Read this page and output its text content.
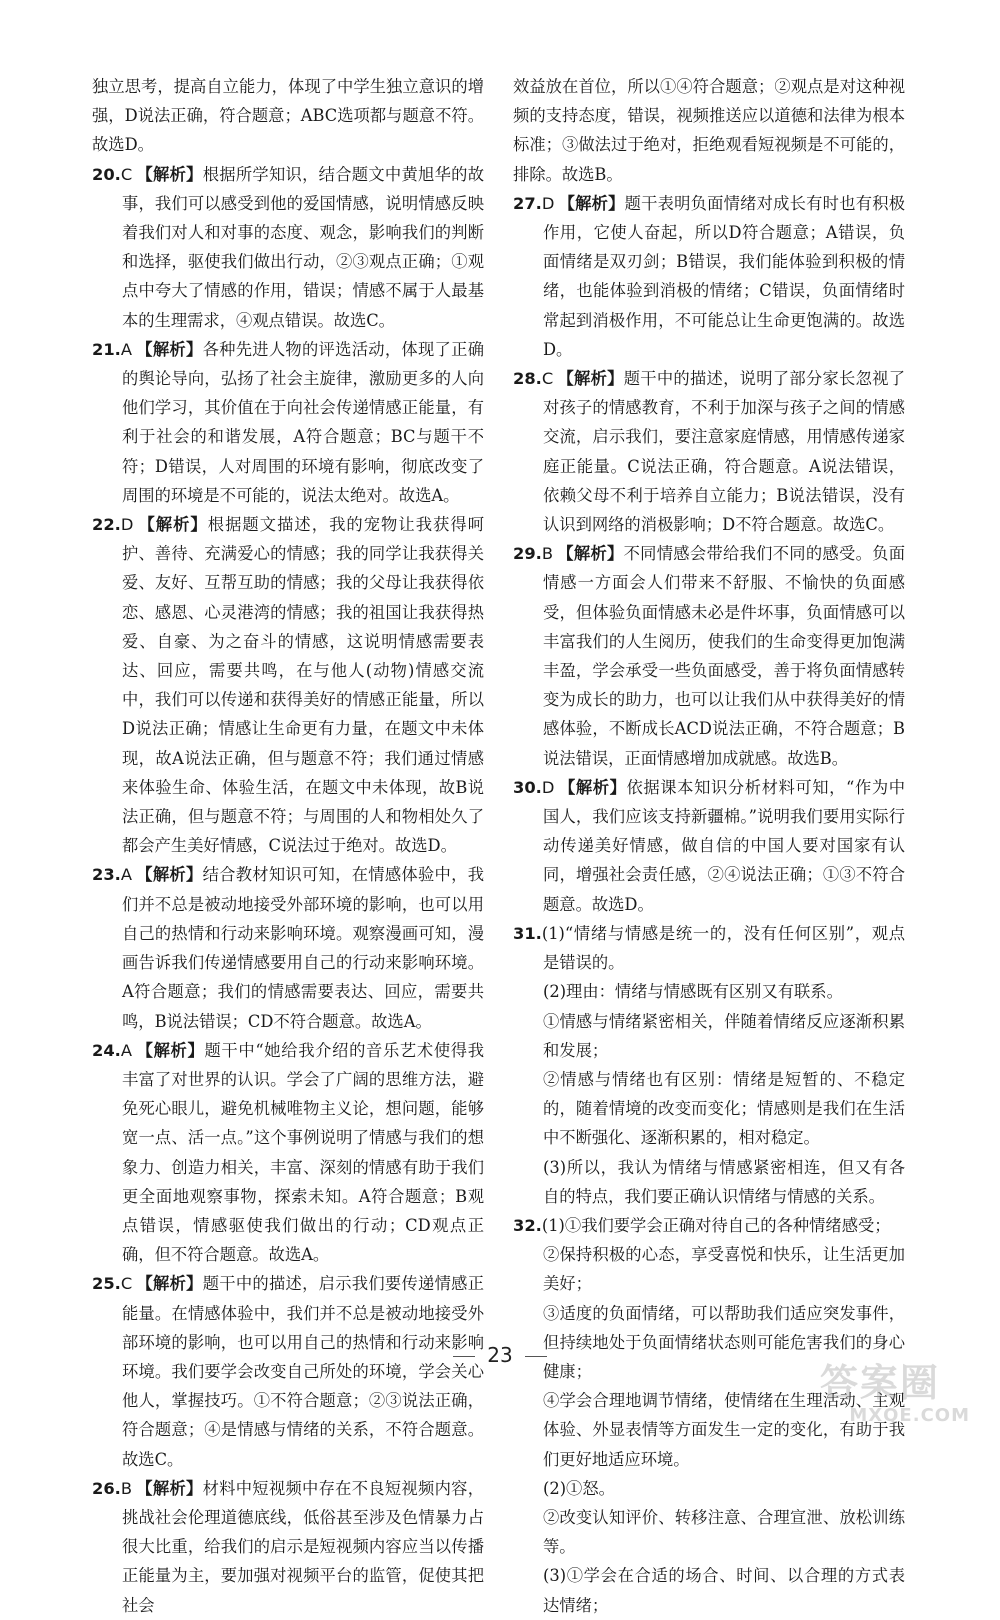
独立思考，提高自立能力，体现了中学生独立意识的增强，D说法正确，符合题意；ABC选项都与题意不符。故选D。

20.C 【解析】根据所学知识，结合题文中黄旭华的故事，我们可以感受到他的爱国情感，说明情感反映着我们对人和对事的态度、观念，影响我们的判断和选择，驱使我们做出行动，②③观点正确；①观点中夸大了情感的作用，错误；情感不属于人最基本的生理需求，④观点错误。故选C。

21.A 【解析】各种先进人物的评选活动，体现了正确的舆论导向，弘扬了社会主旋律，激励更多的人向他们学习，其价值在于向社会传递情感正能量，有利于社会的和谐发展，A符合题意；BC与题干不符；D错误，人对周围的环境有影响，彻底改变了周围的环境是不可能的，说法太绝对。故选A。

22.D 【解析】根据题文描述，我的宠物让我获得呵护、善待、充满爱心的情感；我的同学让我获得关爱、友好、互帮互助的情感；我的父母让我获得依恋、感恩、心灵港湾的情感；我的祖国让我获得热爱、自豪、为之奋斗的情感，这说明情感需要表达、回应，需要共鸣，在与他人(动物)情感交流中，我们可以传递和获得美好的情感正能量，所以D说法正确；情感让生命更有力量，在题文中未体现，故A说法正确，但与题意不符；我们通过情感来体验生命、体验生活，在题文中未体现，故B说法正确，但与题意不符；与周围的人和物相处久了都会产生美好情感，C说法过于绝对。故选D。

23.A 【解析】结合教材知识可知，在情感体验中，我们并不总是被动地接受外部环境的影响，也可以用自己的热情和行动来影响环境。观察漫画可知，漫画告诉我们传递情感要用自己的行动来影响环境。A符合题意；我们的情感需要表达、回应，需要共鸣，B说法错误；CD不符合题意。故选A。

24.A 【解析】题干中“她给我介绍的音乐艺术使得我丰富了对世界的认识。学会了广阔的思维方法，避免死心眼儿，避免机械唯物主义论，想问题，能够宽一点、活一点。”这个事例说明了情感与我们的想象力、创造力相关，丰富、深刻的情感有助于我们更全面地观察事物，探索未知。A符合题意；B观点错误，情感驱使我们做出的行动；CD观点正确，但不符合题意。故选A。

25.C 【解析】题干中的描述，启示我们要传递情感正能量。在情感体验中，我们并不总是被动地接受外部环境的影响，也可以用自己的热情和行动来影响环境。我们要学会改变自己所处的环境，学会关心他人，掌握技巧。①不符合题意；②③说法正确，符合题意；④是情感与情绪的关系，不符合题意。故选C。

26.B 【解析】材料中短视频中存在不良短视频内容，挑战社会伦理道德底线，低俗甚至涉及色情暴力占很大比重，给我们的启示是短视频内容应当以传播正能量为主，要加强对视频平台的监管，促使其把社会

效益放在首位，所以①④符合题意；②观点是对这种视频的支持态度，错误，视频推送应以道德和法律为根本标准；③做法过于绝对，拒绝观看短视频是不可能的，排除。故选B。

27.D 【解析】题干表明负面情绪对成长有时也有积极作用，它使人奋起，所以D符合题意；A错误，负面情绪是双刃剑；B错误，我们能体验到积极的情绪，也能体验到消极的情绪；C错误，负面情绪时常起到消极作用，不可能总让生命更饱满的。故选D。

28.C 【解析】题干中的描述，说明了部分家长忽视了对孩子的情感教育，不利于加深与孩子之间的情感交流，启示我们，要注意家庭情感，用情感传递家庭正能量。C说法正确，符合题意。A说法错误，依赖父母不利于培养自立能力；B说法错误，没有认识到网络的消极影响；D不符合题意。故选C。

29.B 【解析】不同情感会带给我们不同的感受。负面情感一方面会人们带来不舒服、不愉快的负面感受，但体验负面情感未必是件坏事，负面情感可以丰富我们的人生阅历，使我们的生命变得更加饱满丰盈，学会承受一些负面感受，善于将负面情感转变为成长的助力，也可以让我们从中获得美好的情感体验，不断成长ACD说法正确，不符合题意；B说法错误，正面情感增加成就感。故选B。

30.D 【解析】依据课本知识分析材料可知，“作为中国人，我们应该支持新疆棉。”说明我们要用实际行动传递美好情感，做自信的中国人要对国家有认同，增强社会责任感，②④说法正确；①③不符合题意。故选D。

31.(1)“情绪与情感是统一的，没有任何区别”，观点是错误的。

(2)理由：情绪与情感既有区别又有联系。

①情感与情绪紧密相关，伴随着情绪反应逐渐积累和发展；

②情感与情绪也有区别：情绪是短暂的、不稳定的，随着情境的改变而变化；情感则是我们在生活中不断强化、逐渐积累的，相对稳定。

(3)所以，我认为情绪与情感紧密相连，但又有各自的特点，我们要正确认识情绪与情感的关系。

32.(1)①我们要学会正确对待自己的各种情绪感受；

②保持积极的心态，享受喜悦和快乐，让生活更加美好；

③适度的负面情绪，可以帮助我们适应突发事件，但持续地处于负面情绪状态则可能危害我们的身心健康；

④学会合理地调节情绪，使情绪在生理活动、主观体验、外显表情等方面发生一定的变化，有助于我们更好地适应环境。

(2)①怒。

②改变认知评价、转移注意、合理宣泄、放松训练等。

(3)①学会在合适的场合、时间、以合理的方式表达情绪；

23
答案圈
MXQE.COM
